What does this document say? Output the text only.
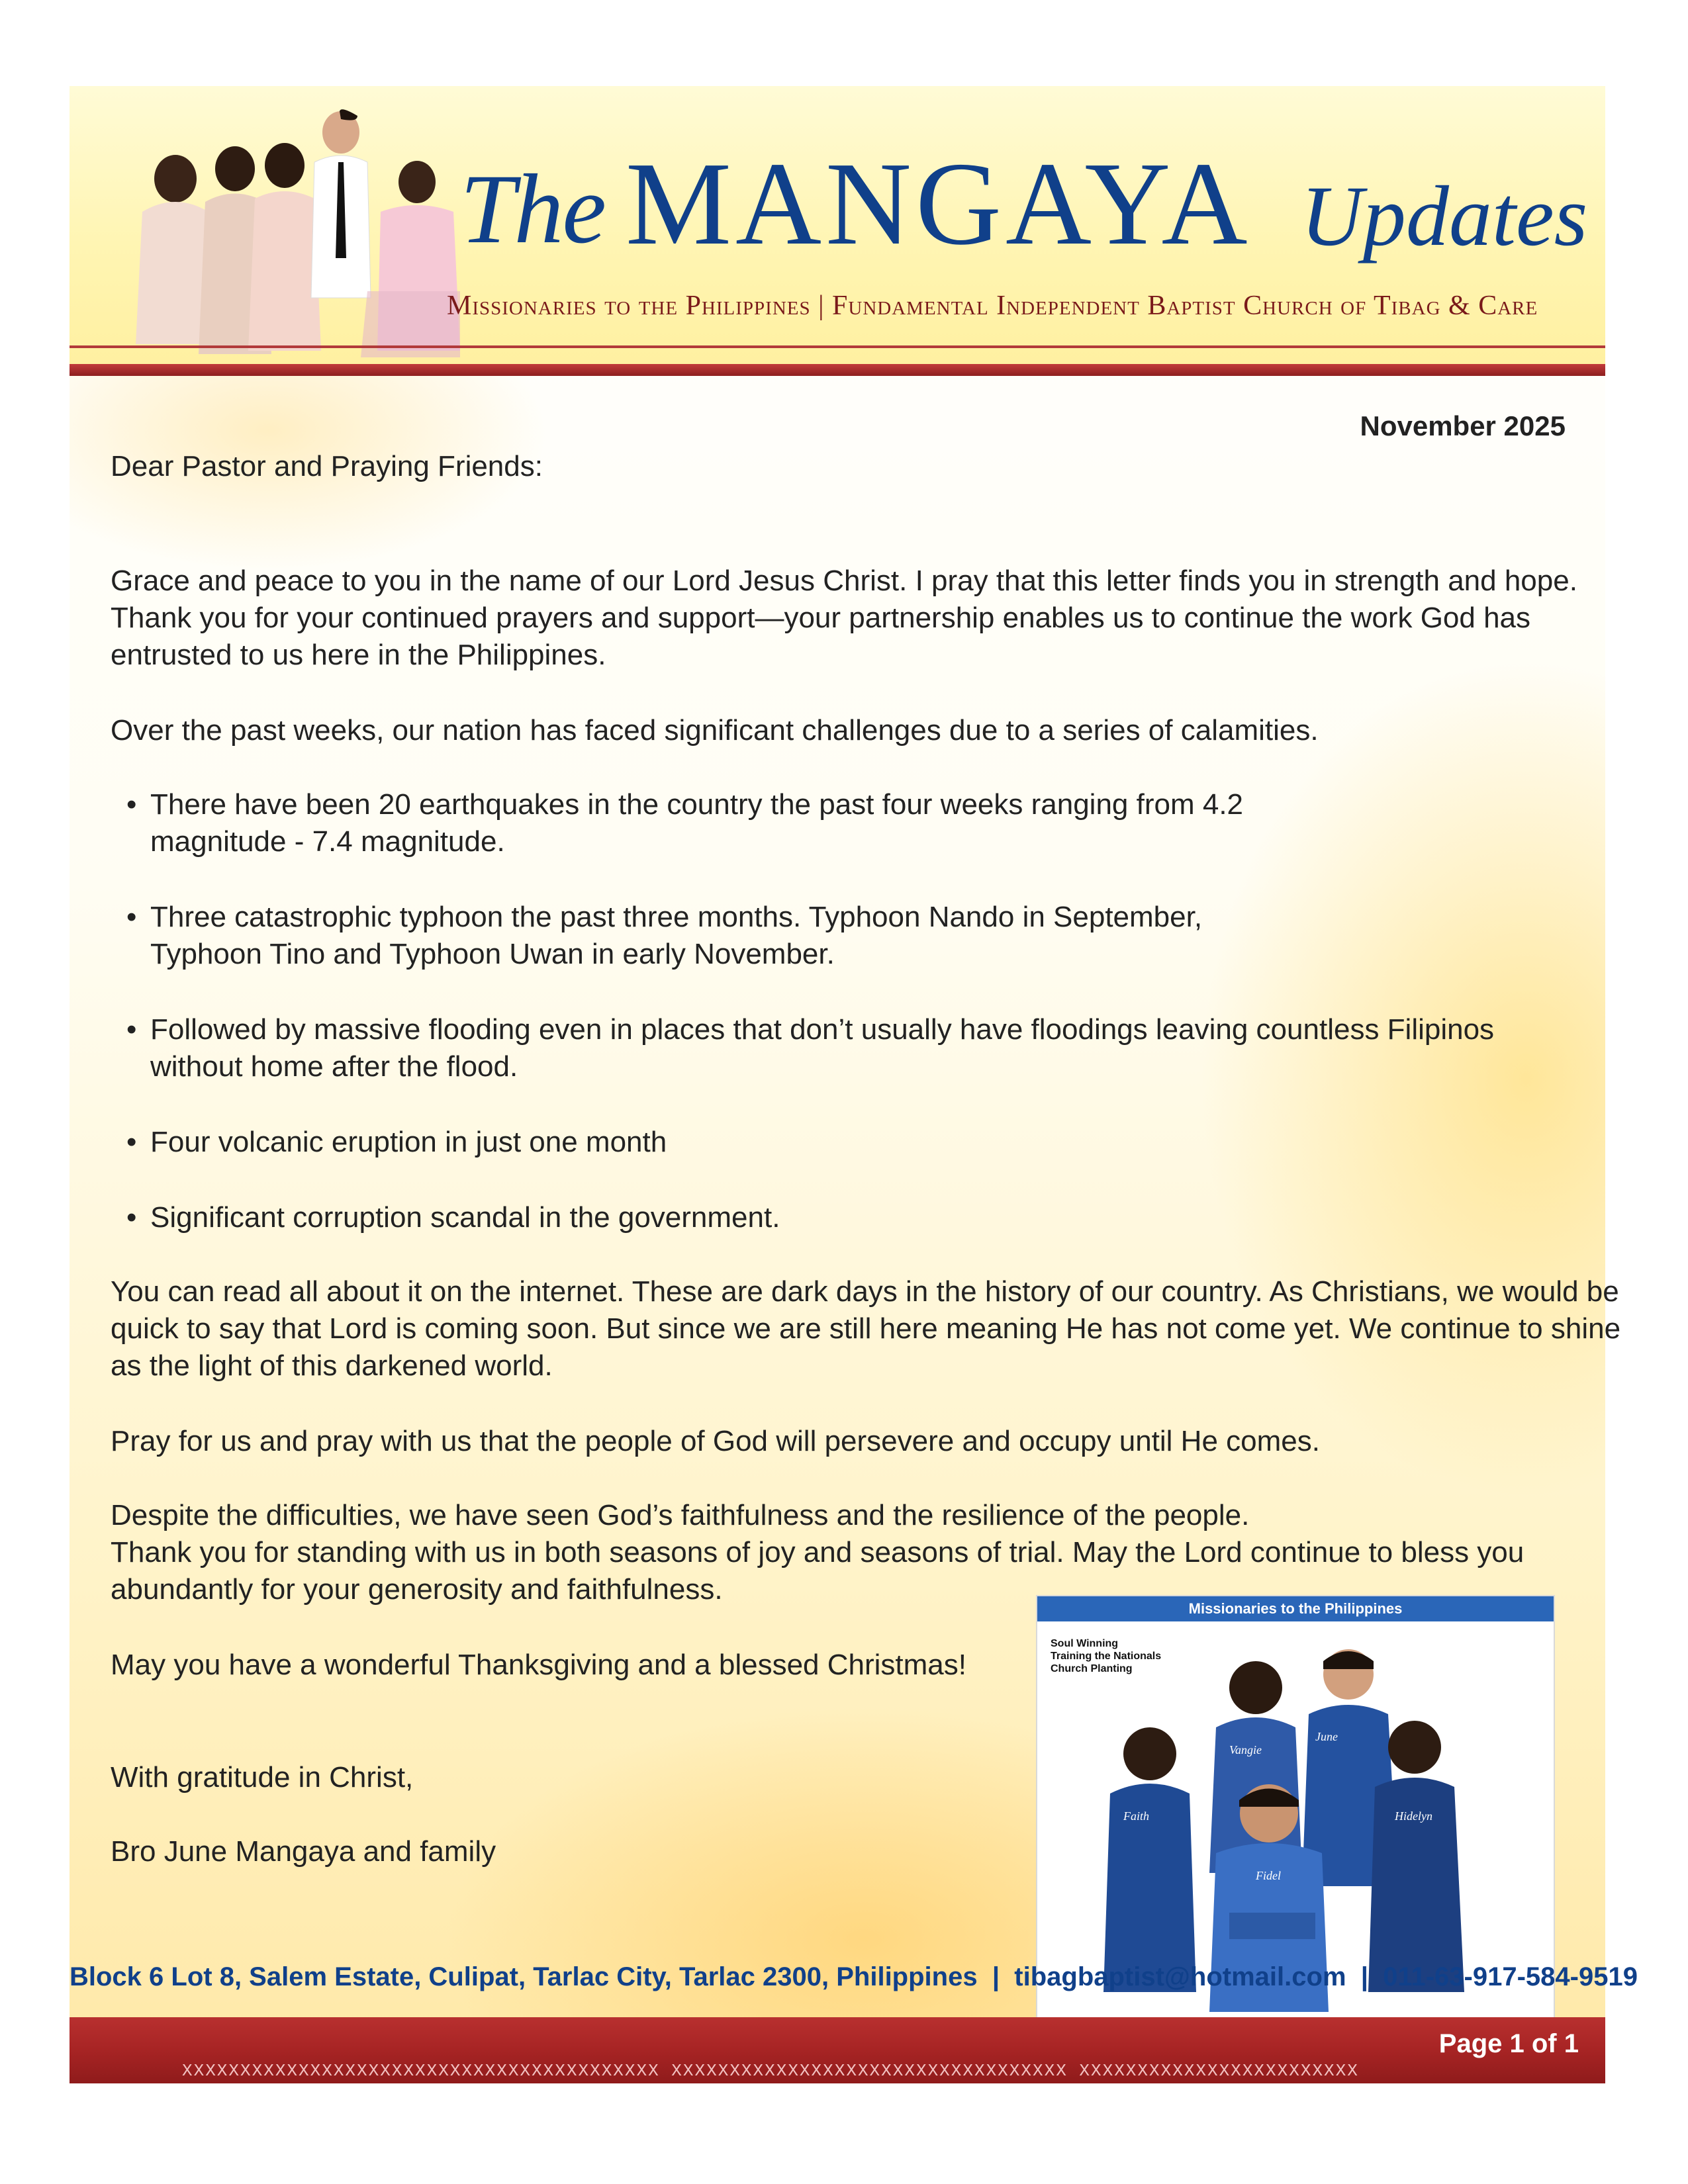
The MANGAYA Updates
Missionaries to the Philippines | Fundamental Independent Baptist Church of Tibag & Care
November 2025
Dear Pastor and Praying Friends:
Grace and peace to you in the name of our Lord Jesus Christ. I pray that this letter finds you in strength and hope. Thank you for your continued prayers and support—your partnership enables us to continue the work God has entrusted to us here in the Philippines.
Over the past weeks, our nation has faced significant challenges due to a series of calamities.
• There have been 20 earthquakes in the country the past four weeks ranging from 4.2 magnitude - 7.4 magnitude.
• Three catastrophic typhoon the past three months. Typhoon Nando in September, Typhoon Tino and Typhoon Uwan in early November.
• Followed by massive flooding even in places that don’t usually have floodings leaving countless Filipinos without home after the flood.
• Four volcanic eruption in just one month
• Significant corruption scandal in the government.
You can read all about it on the internet. These are dark days in the history of our country. As Christians, we would be quick to say that Lord is coming soon. But since we are still here meaning He has not come yet. We continue to shine as the light of this darkened world.
Pray for us and pray with us that the people of God will persevere and occupy until He comes.
Despite the difficulties, we have seen God’s faithfulness and the resilience of the people.
Thank you for standing with us in both seasons of joy and seasons of trial. May the Lord continue to bless you abundantly for your generosity and faithfulness.
May you have a wonderful Thanksgiving and a blessed Christmas!
With gratitude in Christ,
Bro June Mangaya and family
Missionaries to the Philippines
Faith
Vangie
June
Fidel
Hidelyn
Soul Winning
Training the Nationals
Church Planting
Block 6 Lot 8, Salem Estate, Culipat, Tarlac City, Tarlac 2300, Philippines | tibagbaptist@hotmail.com | 011-63-917-584-9519
Page 1 of 1
XXXXXXXXXXXXXXXXXXXXXXXXXXXXXXXXXXXXXXXXX XXXXXXXXXXXXXXXXXXXXXXXXXXXXXXXXXX XXXXXXXXXXXXXXXXXXXXXXXX
